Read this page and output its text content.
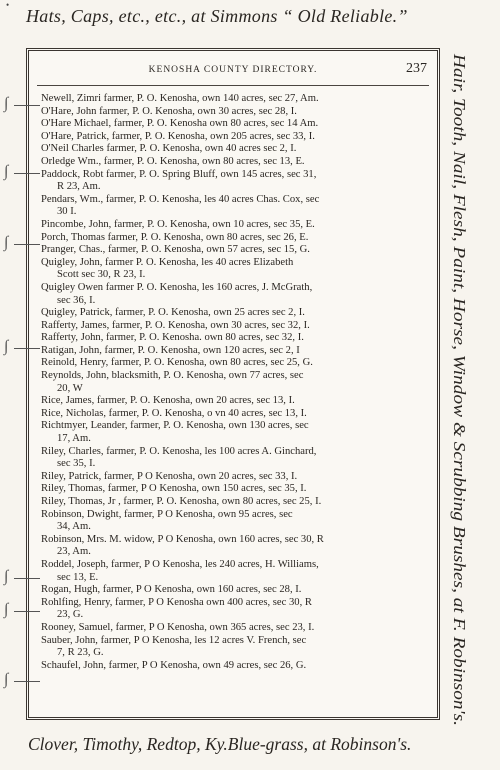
•
Hats, Caps, etc., etc., at Simmons “ Old Reliable.”
Hair, Tooth, Nail, Flesh, Paint, Horse, Window & Scrubbing Brushes, at F. Robinson's.
KENOSHA COUNTY DIRECTORY.	237
Newell, Zimri farmer, P. O. Kenosha, own 140 acres, sec 27, Am.
O'Hare, John farmer, P. O. Kenosha, own 30 acres, sec 28, I.
O'Hare Michael, farmer, P. O. Kenosha own 80 acres, sec 14 Am.
O'Hare, Patrick, farmer, P. O. Kenosha, own 205 acres, sec 33, I.
O'Neil Charles farmer, P. O. Kenosha, own 40 acres sec 2, I.
Orledge Wm., farmer, P. O. Kenosha, own 80 acres, sec 13, E.
Paddock, Robt farmer, P. O. Spring Bluff, own 145 acres, sec 31,
R 23, Am.
Pendars, Wm., farmer, P. O. Kenosha, les 40 acres Chas. Cox, sec
30 I.
Pincombe, John, farmer, P. O. Kenosha, own 10 acres, sec 35, E.
Porch, Thomas farmer, P. O. Kenosha, own 80 acres, sec 26, E.
Pranger, Chas., farmer, P. O. Kenosha, own 57 acres, sec 15, G.
Quigley, John, farmer P. O. Kenosha, les 40 acres Elizabeth
Scott sec 30, R 23, I.
Quigley Owen farmer P. O. Kenosha, les 160 acres, J. McGrath,
sec 36, I.
Quigley, Patrick, farmer, P. O. Kenosha, own 25 acres sec 2, I.
Rafferty, James, farmer, P. O. Kenosha, own 30 acres, sec 32, I.
Rafferty, John, farmer, P. O. Kenosha. own 80 acres, sec 32, I.
Ratigan, John, farmer, P. O. Kenosha, own 120 acres, sec 2, I
Reinold, Henry, farmer, P. O. Kenosha, own 80 acres, sec 25, G.
Reynolds, John, blacksmith, P. O. Kenosha, own 77 acres, sec
20, W
Rice, James, farmer, P. O. Kenosha, own 20 acres, sec 13, I.
Rice, Nicholas, farmer, P. O. Kenosha, o vn 40 acres, sec 13, I.
Richtmyer, Leander, farmer, P. O. Kenosha, own 130 acres, sec
17, Am.
Riley, Charles, farmer, P. O. Kenosha, les 100 acres A. Ginchard,
sec 35, I.
Riley, Patrick, farmer, P O Kenosha, own 20 acres, sec 33, I.
Riley, Thomas, farmer, P O Kenosha, own 150 acres, sec 35, I.
Riley, Thomas, Jr , farmer, P. O. Kenosha, own 80 acres, sec 25, I.
Robinson, Dwight, farmer, P O Kenosha, own 95 acres, sec
34, Am.
Robinson, Mrs. M. widow, P O Kenosha, own 160 acres, sec 30, R
23, Am.
Roddel, Joseph, farmer, P O Kenosha, les 240 acres, H. Williams,
sec 13, E.
Rogan, Hugh, farmer, P O Kenosha, own 160 acres, sec 28, I.
Rohlfing, Henry, farmer, P O Kenosha own 400 acres, sec 30, R
23, G.
Rooney, Samuel, farmer, P O Kenosha, own 365 acres, sec 23, I.
Sauber, John, farmer, P O Kenosha, les 12 acres V. French, sec
7, R 23, G.
Schaufel, John, farmer, P O Kenosha, own 49 acres, sec 26, G.
∫
∫
∫
∫
∫
∫
∫
Clover, Timothy, Redtop, Ky.Blue-grass, at Robinson's.
